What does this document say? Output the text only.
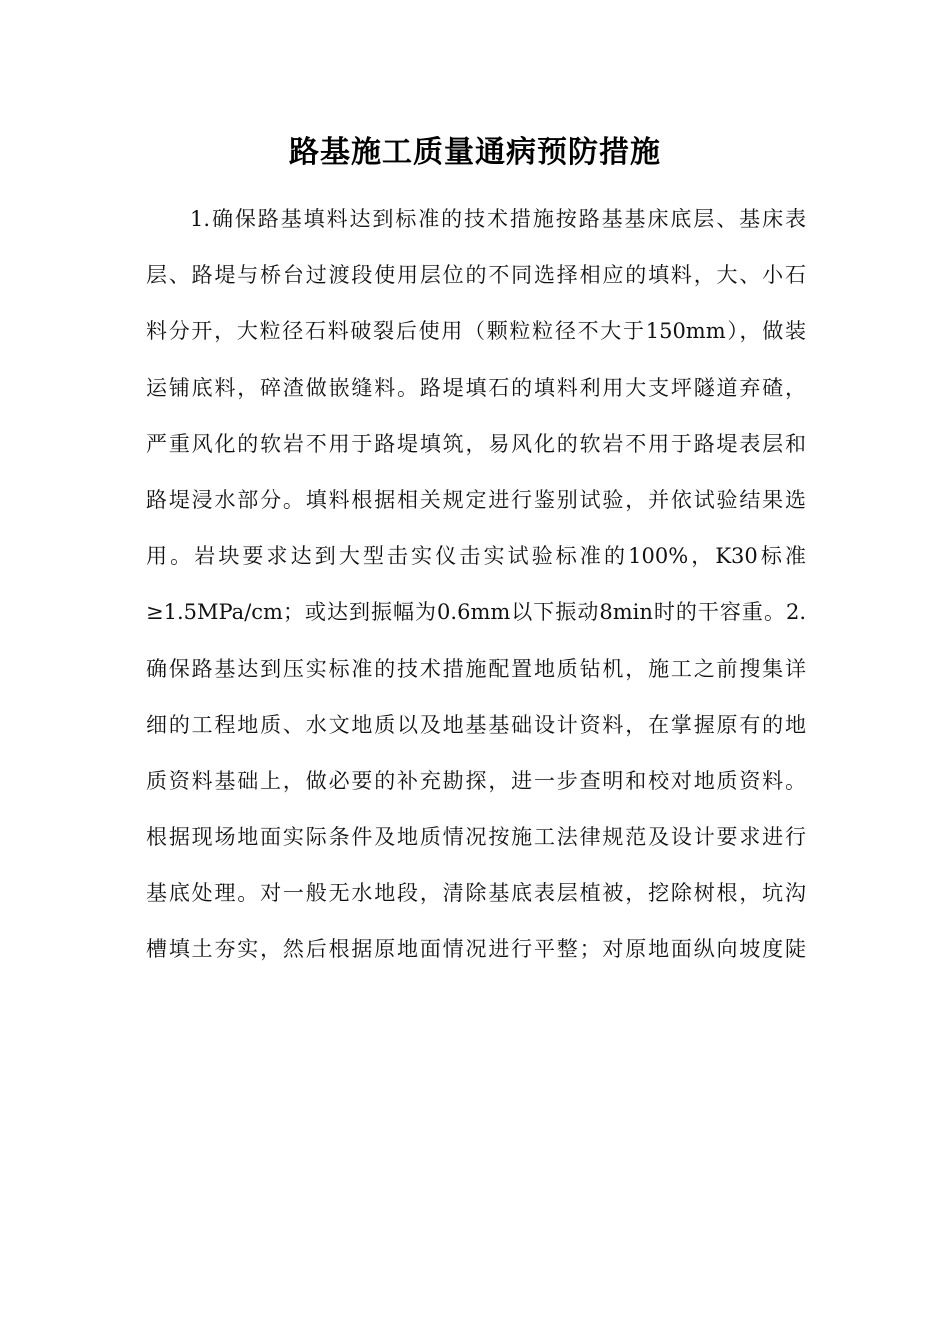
路基施工质量通病预防措施
1.确保路基填料达到标准的技术措施按路基基床底层、基床表
层、路堤与桥台过渡段使用层位的不同选择相应的填料，大、小石
料分开，大粒径石料破裂后使用（颗粒粒径不大于150mm），做装
运铺底料，碎渣做嵌缝料。路堤填石的填料利用大支坪隧道弃碴，
严重风化的软岩不用于路堤填筑，易风化的软岩不用于路堤表层和
路堤浸水部分。填料根据相关规定进行鉴别试验，并依试验结果选
用。岩块要求达到大型击实仪击实试验标准的100%，K30标准
≥1.5MPa/cm；或达到振幅为0.6mm以下振动8min时的干容重。2.
确保路基达到压实标准的技术措施配置地质钻机，施工之前搜集详
细的工程地质、水文地质以及地基基础设计资料，在掌握原有的地
质资料基础上，做必要的补充勘探，进一步查明和校对地质资料。
根据现场地面实际条件及地质情况按施工法律规范及设计要求进行
基底处理。对一般无水地段，清除基底表层植被，挖除树根，坑沟
槽填土夯实，然后根据原地面情况进行平整；对原地面纵向坡度陡
